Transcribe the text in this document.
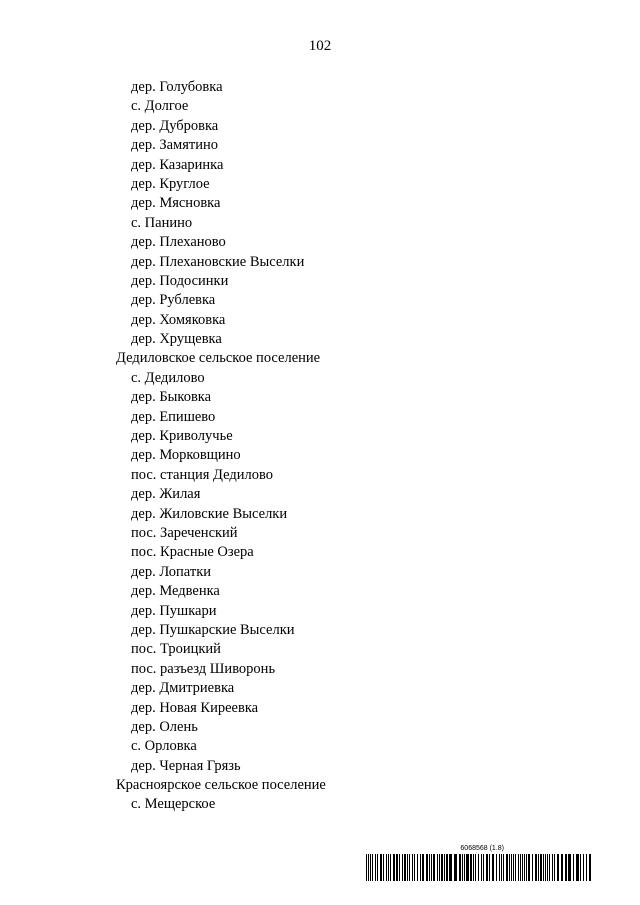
102
дер. Голубовка
с. Долгое
дер. Дубровка
дер. Замятино
дер. Казаринка
дер. Круглое
дер. Мясновка
с. Панино
дер. Плеханово
дер. Плехановские Выселки
дер. Подосинки
дер. Рублевка
дер. Хомяковка
дер. Хрущевка
Дедиловское сельское поселение
с. Дедилово
дер. Быковка
дер. Епишево
дер. Криволучье
дер. Морковщино
пос. станция Дедилово
дер. Жилая
дер. Жиловские Выселки
пос. Зареченский
пос. Красные Озера
дер. Лопатки
дер. Медвенка
дер. Пушкари
дер. Пушкарские Выселки
пос. Троицкий
пос. разъезд Шиворонь
дер. Дмитриевка
дер. Новая Киреевка
дер. Олень
с. Орловка
дер. Черная Грязь
Красноярское сельское поселение
с. Мещерское
6068568 (1.8)
